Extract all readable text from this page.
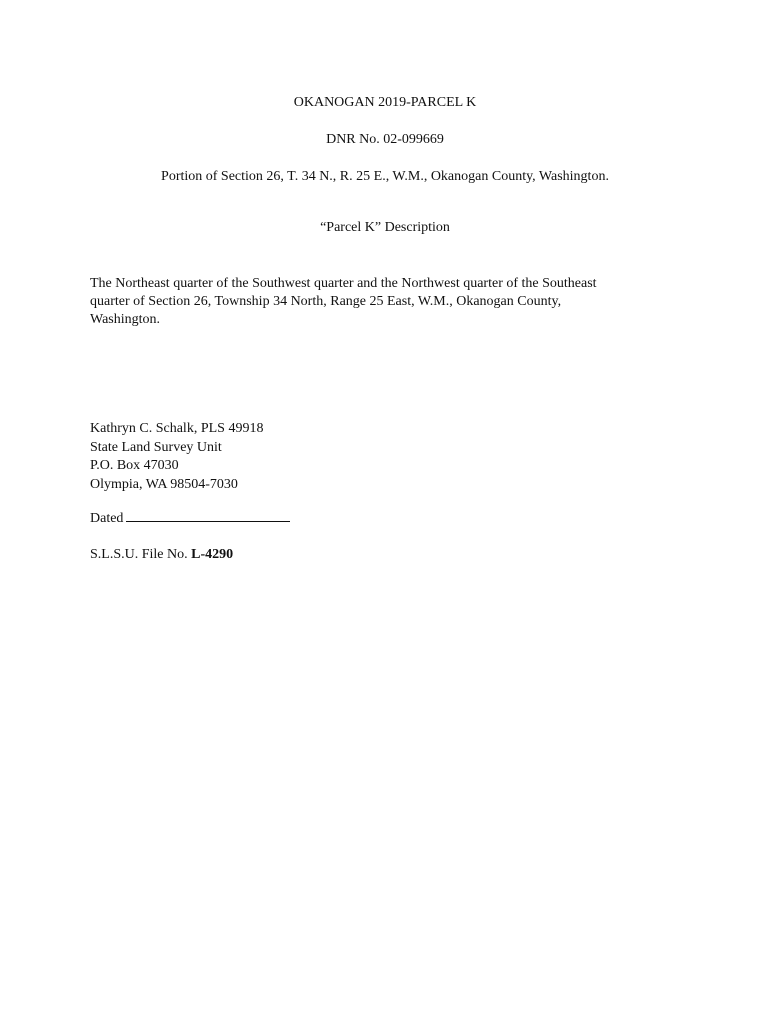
OKANOGAN 2019-PARCEL K
DNR No. 02-099669
Portion of Section 26, T. 34 N., R. 25 E., W.M., Okanogan County, Washington.
“Parcel K” Description
The Northeast quarter of the Southwest quarter and the Northwest quarter of the Southeast
quarter of Section 26, Township 34 North, Range 25 East, W.M., Okanogan County,
Washington.
Kathryn C. Schalk, PLS 49918
State Land Survey Unit
P.O. Box 47030
Olympia, WA 98504-7030
Dated
S.L.S.U. File No. L-4290
